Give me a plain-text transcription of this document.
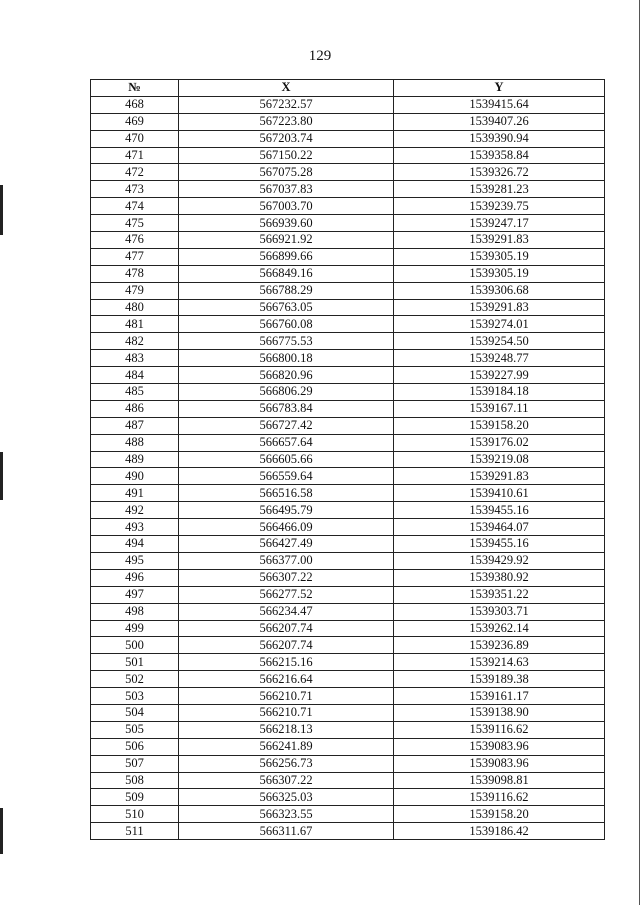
129
№	X	Y
468	567232.57	1539415.64
469	567223.80	1539407.26
470	567203.74	1539390.94
471	567150.22	1539358.84
472	567075.28	1539326.72
473	567037.83	1539281.23
474	567003.70	1539239.75
475	566939.60	1539247.17
476	566921.92	1539291.83
477	566899.66	1539305.19
478	566849.16	1539305.19
479	566788.29	1539306.68
480	566763.05	1539291.83
481	566760.08	1539274.01
482	566775.53	1539254.50
483	566800.18	1539248.77
484	566820.96	1539227.99
485	566806.29	1539184.18
486	566783.84	1539167.11
487	566727.42	1539158.20
488	566657.64	1539176.02
489	566605.66	1539219.08
490	566559.64	1539291.83
491	566516.58	1539410.61
492	566495.79	1539455.16
493	566466.09	1539464.07
494	566427.49	1539455.16
495	566377.00	1539429.92
496	566307.22	1539380.92
497	566277.52	1539351.22
498	566234.47	1539303.71
499	566207.74	1539262.14
500	566207.74	1539236.89
501	566215.16	1539214.63
502	566216.64	1539189.38
503	566210.71	1539161.17
504	566210.71	1539138.90
505	566218.13	1539116.62
506	566241.89	1539083.96
507	566256.73	1539083.96
508	566307.22	1539098.81
509	566325.03	1539116.62
510	566323.55	1539158.20
511	566311.67	1539186.42
